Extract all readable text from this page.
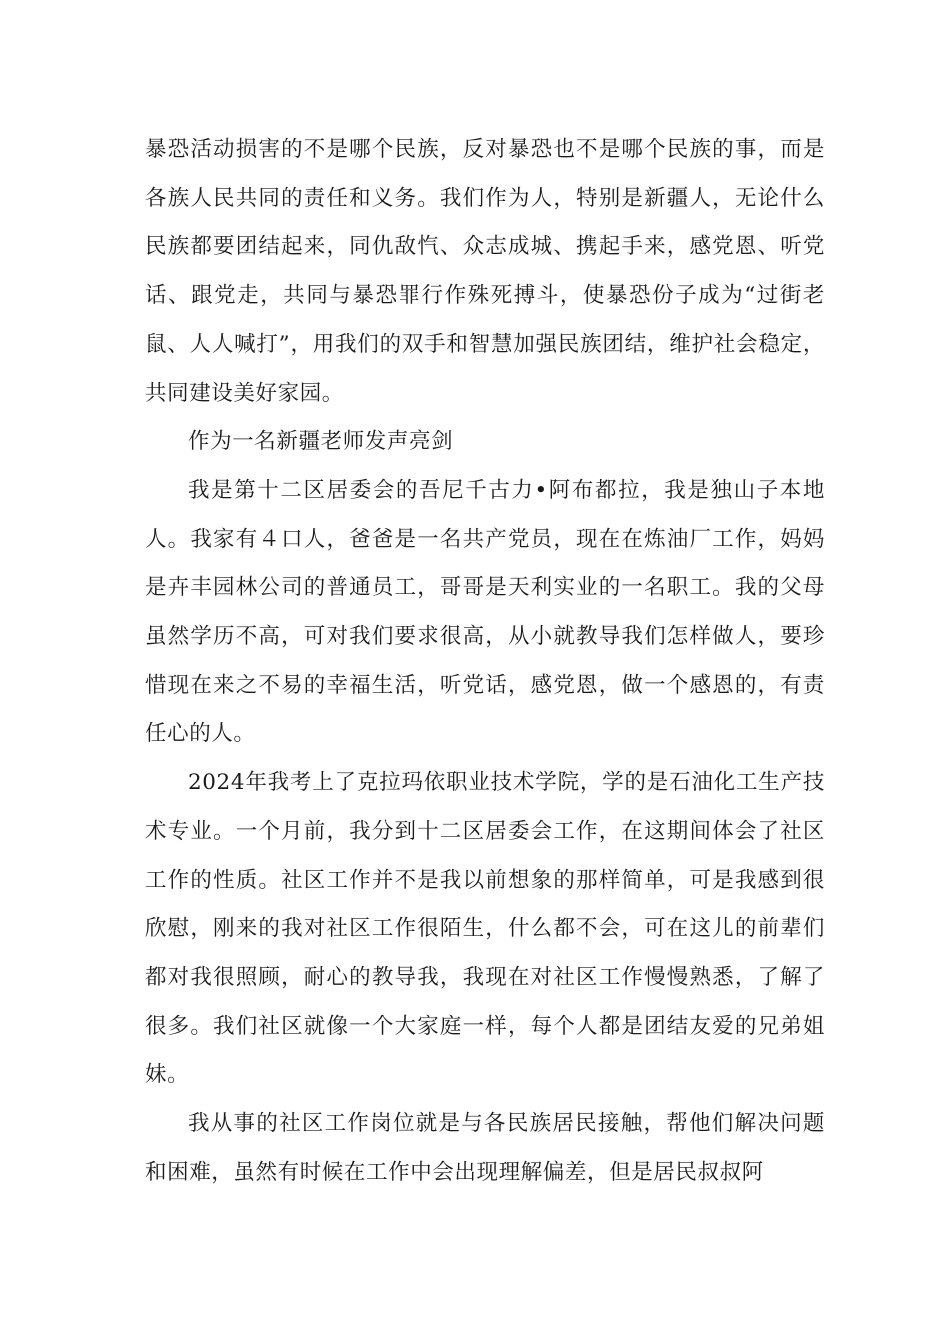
暴恐活动损害的不是哪个民族，反对暴恐也不是哪个民族的事，而是各族人民共同的责任和义务。我们作为人，特别是新疆人，无论什么民族都要团结起来，同仇敌忾、众志成城、携起手来，感党恩、听党话、跟党走，共同与暴恐罪行作殊死搏斗，使暴恐份子成为“过街老鼠、人人喊打”，用我们的双手和智慧加强民族团结，维护社会稳定，共同建设美好家园。

作为一名新疆老师发声亮剑

我是第十二区居委会的吾尼千古力•阿布都拉，我是独山子本地人。我家有４口人，爸爸是一名共产党员，现在在炼油厂工作，妈妈是卉丰园林公司的普通员工，哥哥是天利实业的一名职工。我的父母虽然学历不高，可对我们要求很高，从小就教导我们怎样做人，要珍惜现在来之不易的幸福生活，听党话，感党恩，做一个感恩的，有责任心的人。

2024年我考上了克拉玛依职业技术学院，学的是石油化工生产技术专业。一个月前，我分到十二区居委会工作，在这期间体会了社区工作的性质。社区工作并不是我以前想象的那样简单，可是我感到很欣慰，刚来的我对社区工作很陌生，什么都不会，可在这儿的前辈们都对我很照顾，耐心的教导我，我现在对社区工作慢慢熟悉，了解了很多。我们社区就像一个大家庭一样，每个人都是团结友爱的兄弟姐妹。

我从事的社区工作岗位就是与各民族居民接触，帮他们解决问题和困难，虽然有时候在工作中会出现理解偏差，但是居民叔叔阿
